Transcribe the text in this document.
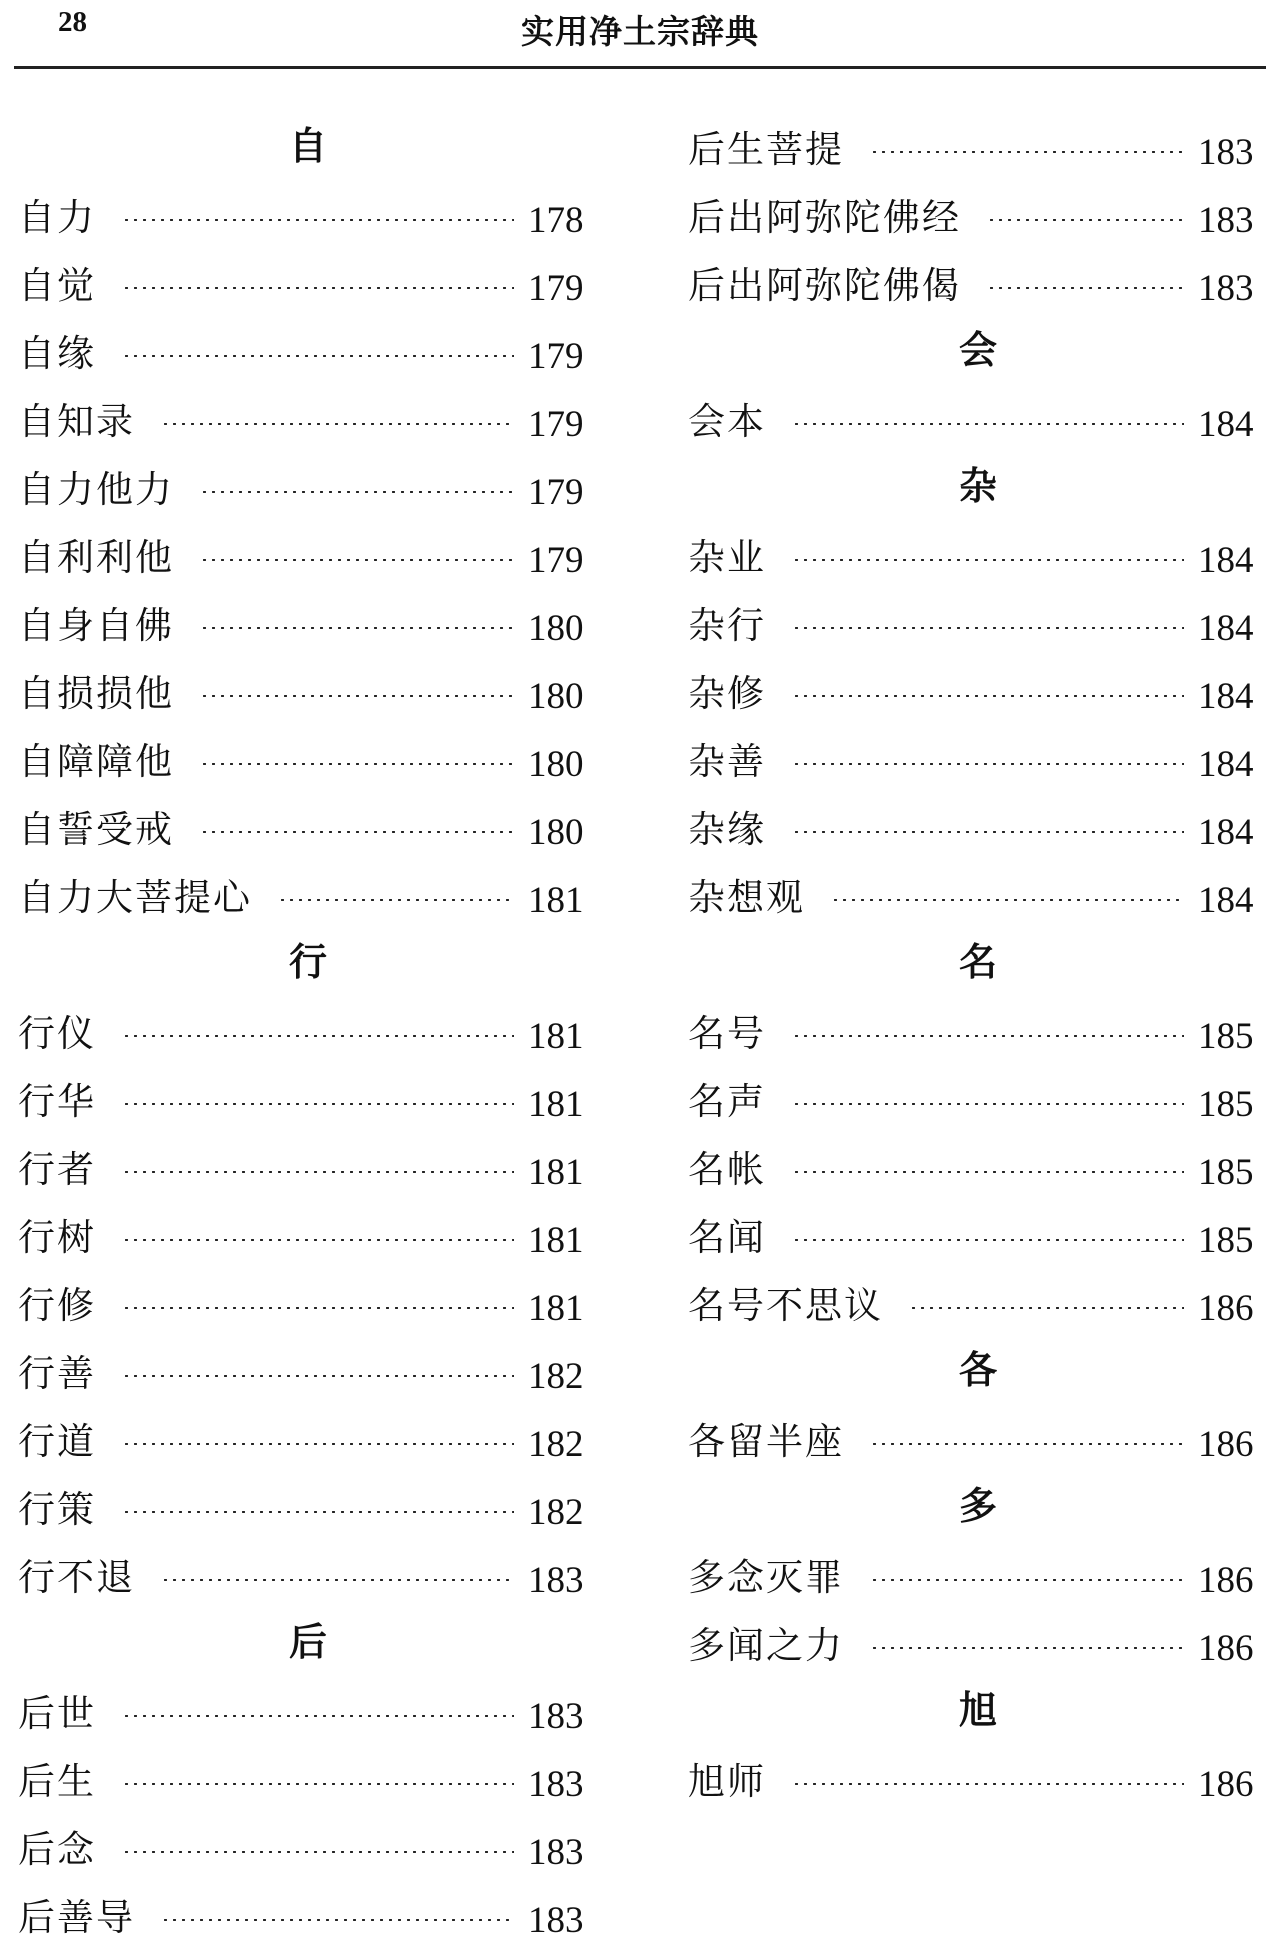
28	实用净土宗辞典
自
自力	178
自觉	179
自缘	179
自知录	179
自力他力	179
自利利他	179
自身自佛	180
自损损他	180
自障障他	180
自誓受戒	180
自力大菩提心	181
行
行仪	181
行华	181
行者	181
行树	181
行修	181
行善	182
行道	182
行策	182
行不退	183
后
后世	183
后生	183
后念	183
后善导	183
后生菩提	183
后出阿弥陀佛经	183
后出阿弥陀佛偈	183
会
会本	184
杂
杂业	184
杂行	184
杂修	184
杂善	184
杂缘	184
杂想观	184
名
名号	185
名声	185
名帐	185
名闻	185
名号不思议	186
各
各留半座	186
多
多念灭罪	186
多闻之力	186
旭
旭师	186
